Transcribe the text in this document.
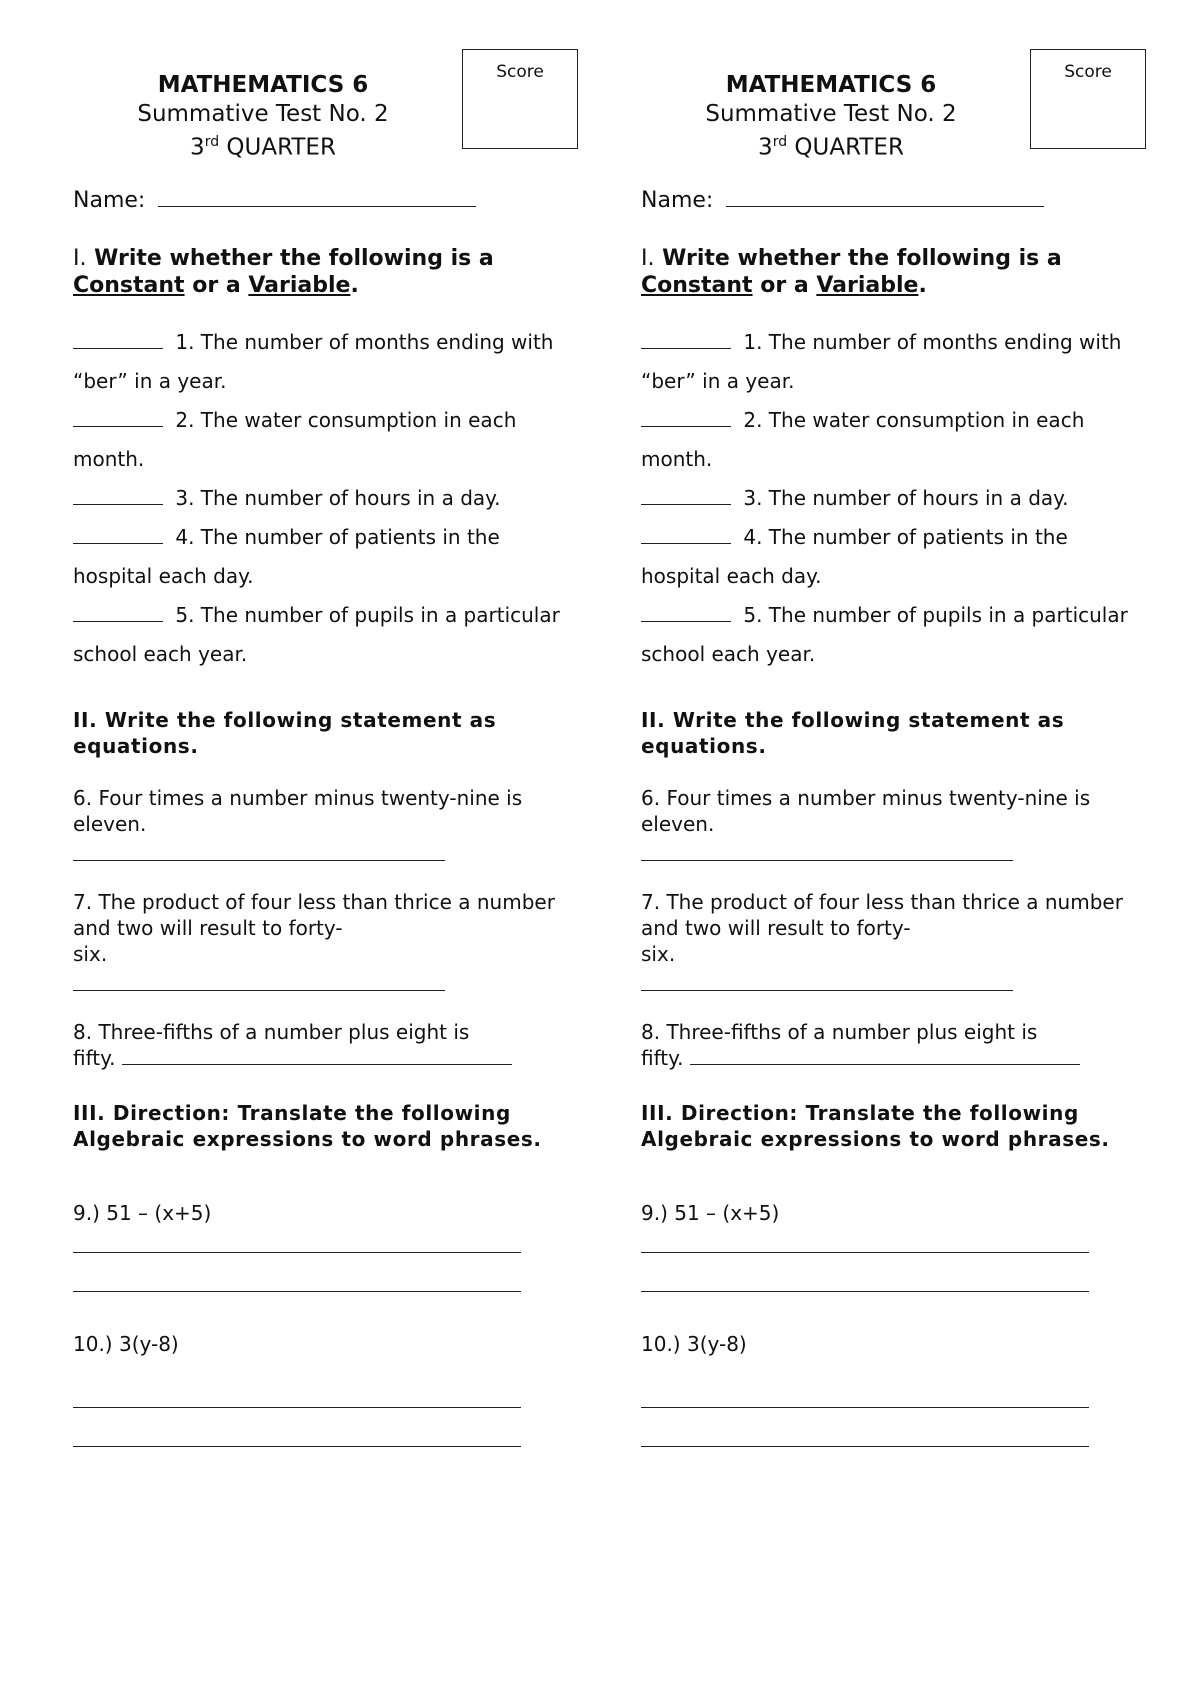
Score
MATHEMATICS 6
Summative Test No. 2
3rd QUARTER
Name:
I. Write whether the following is a Constant or a Variable.
1. The number of months ending with “ber” in a year.
2. The water consumption in each month.
3. The number of hours in a day.
4. The number of patients in the hospital each day.
5. The number of pupils in a particular school each year.
II. Write the following statement as equations.
6. Four times a number minus twenty-nine is eleven.
7. The product of four less than thrice a number and two will result to forty-
six.
8. Three-fifths of a number plus eight is
fifty.
III. Direction: Translate the following Algebraic expressions to word phrases.
9.) 51 – (x+5)
10.) 3(y-8)
Score
MATHEMATICS 6
Summative Test No. 2
3rd QUARTER
Name:
I. Write whether the following is a Constant or a Variable.
1. The number of months ending with “ber” in a year.
2. The water consumption in each month.
3. The number of hours in a day.
4. The number of patients in the hospital each day.
5. The number of pupils in a particular school each year.
II. Write the following statement as equations.
6. Four times a number minus twenty-nine is eleven.
7. The product of four less than thrice a number and two will result to forty-
six.
8. Three-fifths of a number plus eight is
fifty.
III. Direction: Translate the following Algebraic expressions to word phrases.
9.) 51 – (x+5)
10.) 3(y-8)
